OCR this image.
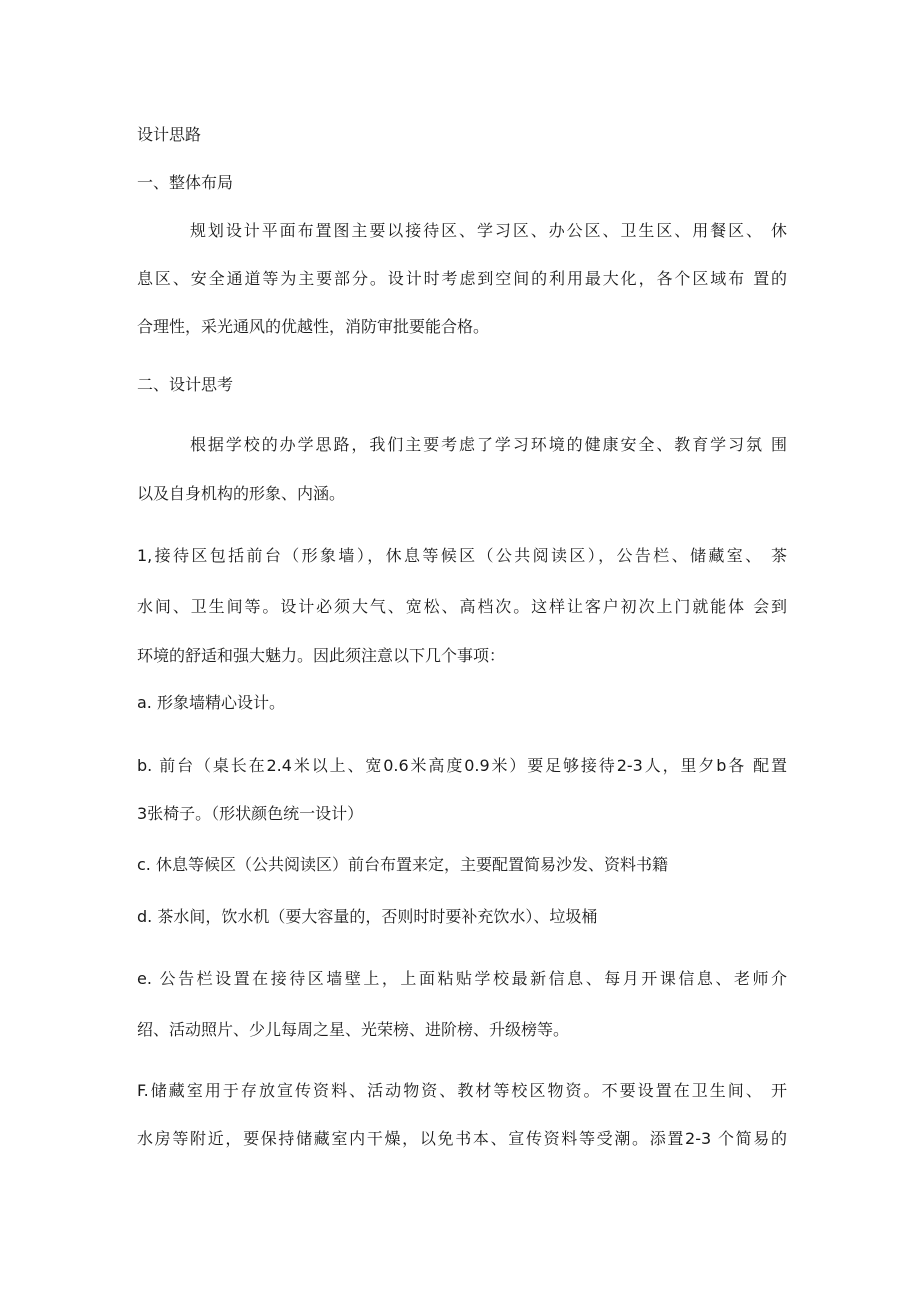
设计思路
一、整体布局
规划设计平面布置图主要以接待区、学习区、办公区、卫生区、用餐区、 休
息区、安全通道等为主要部分。设计时考虑到空间的利用最大化，各个区域布 置的
合理性，采光通风的优越性，消防审批要能合格。
二、设计思考
根据学校的办学思路，我们主要考虑了学习环境的健康安全、教育学习氛 围
以及自身机构的形象、内涵。
1,接待区包括前台（形象墙），休息等候区（公共阅读区），公告栏、储藏室、 茶
水间、卫生间等。设计必须大气、宽松、高档次。这样让客户初次上门就能体 会到
环境的舒适和强大魅力。因此须注意以下几个事项：
a. 形象墙精心设计。
b. 前台（桌长在2.4米以上、宽0.6米高度0.9米）要足够接待2-3人，里夕b各 配置
3张椅子。（形状颜色统一设计）
c. 休息等候区（公共阅读区）前台布置来定，主要配置简易沙发、资料书籍
d. 茶水间，饮水机（要大容量的，否则时时要补充饮水）、垃圾桶
e. 公告栏设置在接待区墙壁上，上面粘贴学校最新信息、每月开课信息、老师介
绍、活动照片、少儿每周之星、光荣榜、进阶榜、升级榜等。
F.储藏室用于存放宣传资料、活动物资、教材等校区物资。不要设置在卫生间、 开
水房等附近，要保持储藏室内干燥，以免书本、宣传资料等受潮。添置2-3 个简易的
